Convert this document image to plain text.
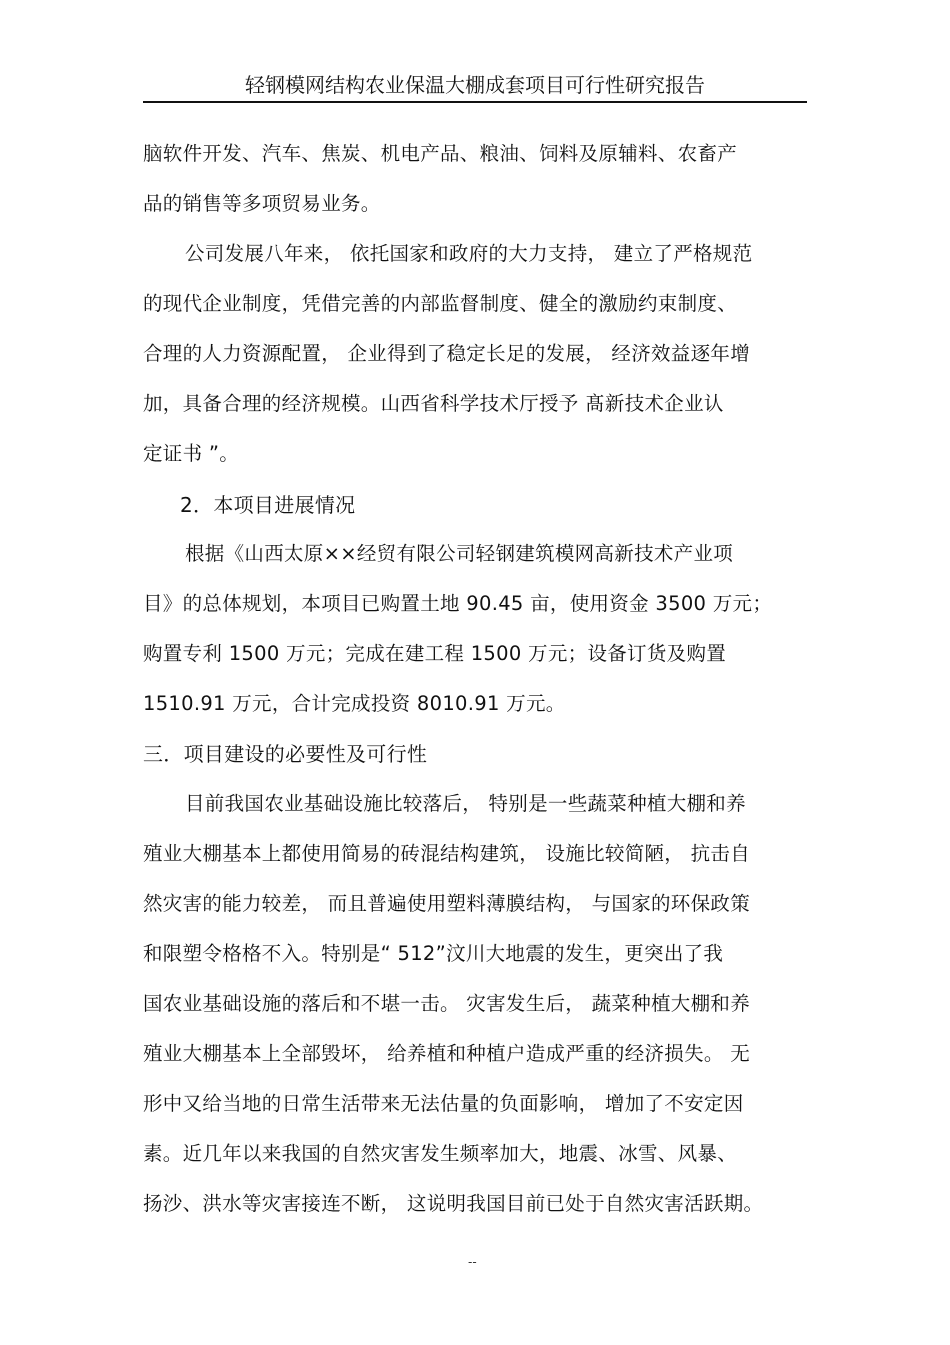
轻钢模网结构农业保温大棚成套项目可行性研究报告
脑软件开发、汽车、焦炭、机电产品、粮油、饲料及原辅料、农畜产
品的销售等多项贸易业务。
公司发展八年来， 依托国家和政府的大力支持， 建立了严格规范
的现代企业制度，凭借完善的内部监督制度、健全的激励约束制度、
合理的人力资源配置， 企业得到了稳定长足的发展， 经济效益逐年增
加，具备合理的经济规模。山西省科学技术厅授予 髙新技术企业认
定证书 ”。
2．本项目进展情况
根据《山西太原××经贸有限公司轻钢建筑模网高新技术产业项
目》的总体规划，本项目已购置土地 90.45 亩，使用资金 3500 万元；
购置专利 1500 万元；完成在建工程 1500 万元；设备订货及购置
1510.91 万元，合计完成投资 8010.91 万元。
三．项目建设的必要性及可行性
目前我国农业基础设施比较落后， 特别是一些蔬菜种植大棚和养
殖业大棚基本上都使用简易的砖混结构建筑， 设施比较简陋， 抗击自
然灾害的能力较差， 而且普遍使用塑料薄膜结构， 与国家的环保政策
和限塑令格格不入。特别是“ 512”汶川大地震的发生，更突出了我
国农业基础设施的落后和不堪一击。 灾害发生后， 蔬菜种植大棚和养
殖业大棚基本上全部毁坏， 给养植和种植户造成严重的经济损失。 无
形中又给当地的日常生活带来无法估量的负面影响， 增加了不安定因
素。近几年以来我国的自然灾害发生频率加大，地震、冰雪、风暴、
扬沙、洪水等灾害接连不断， 这说明我国目前已处于自然灾害活跃期。
--
